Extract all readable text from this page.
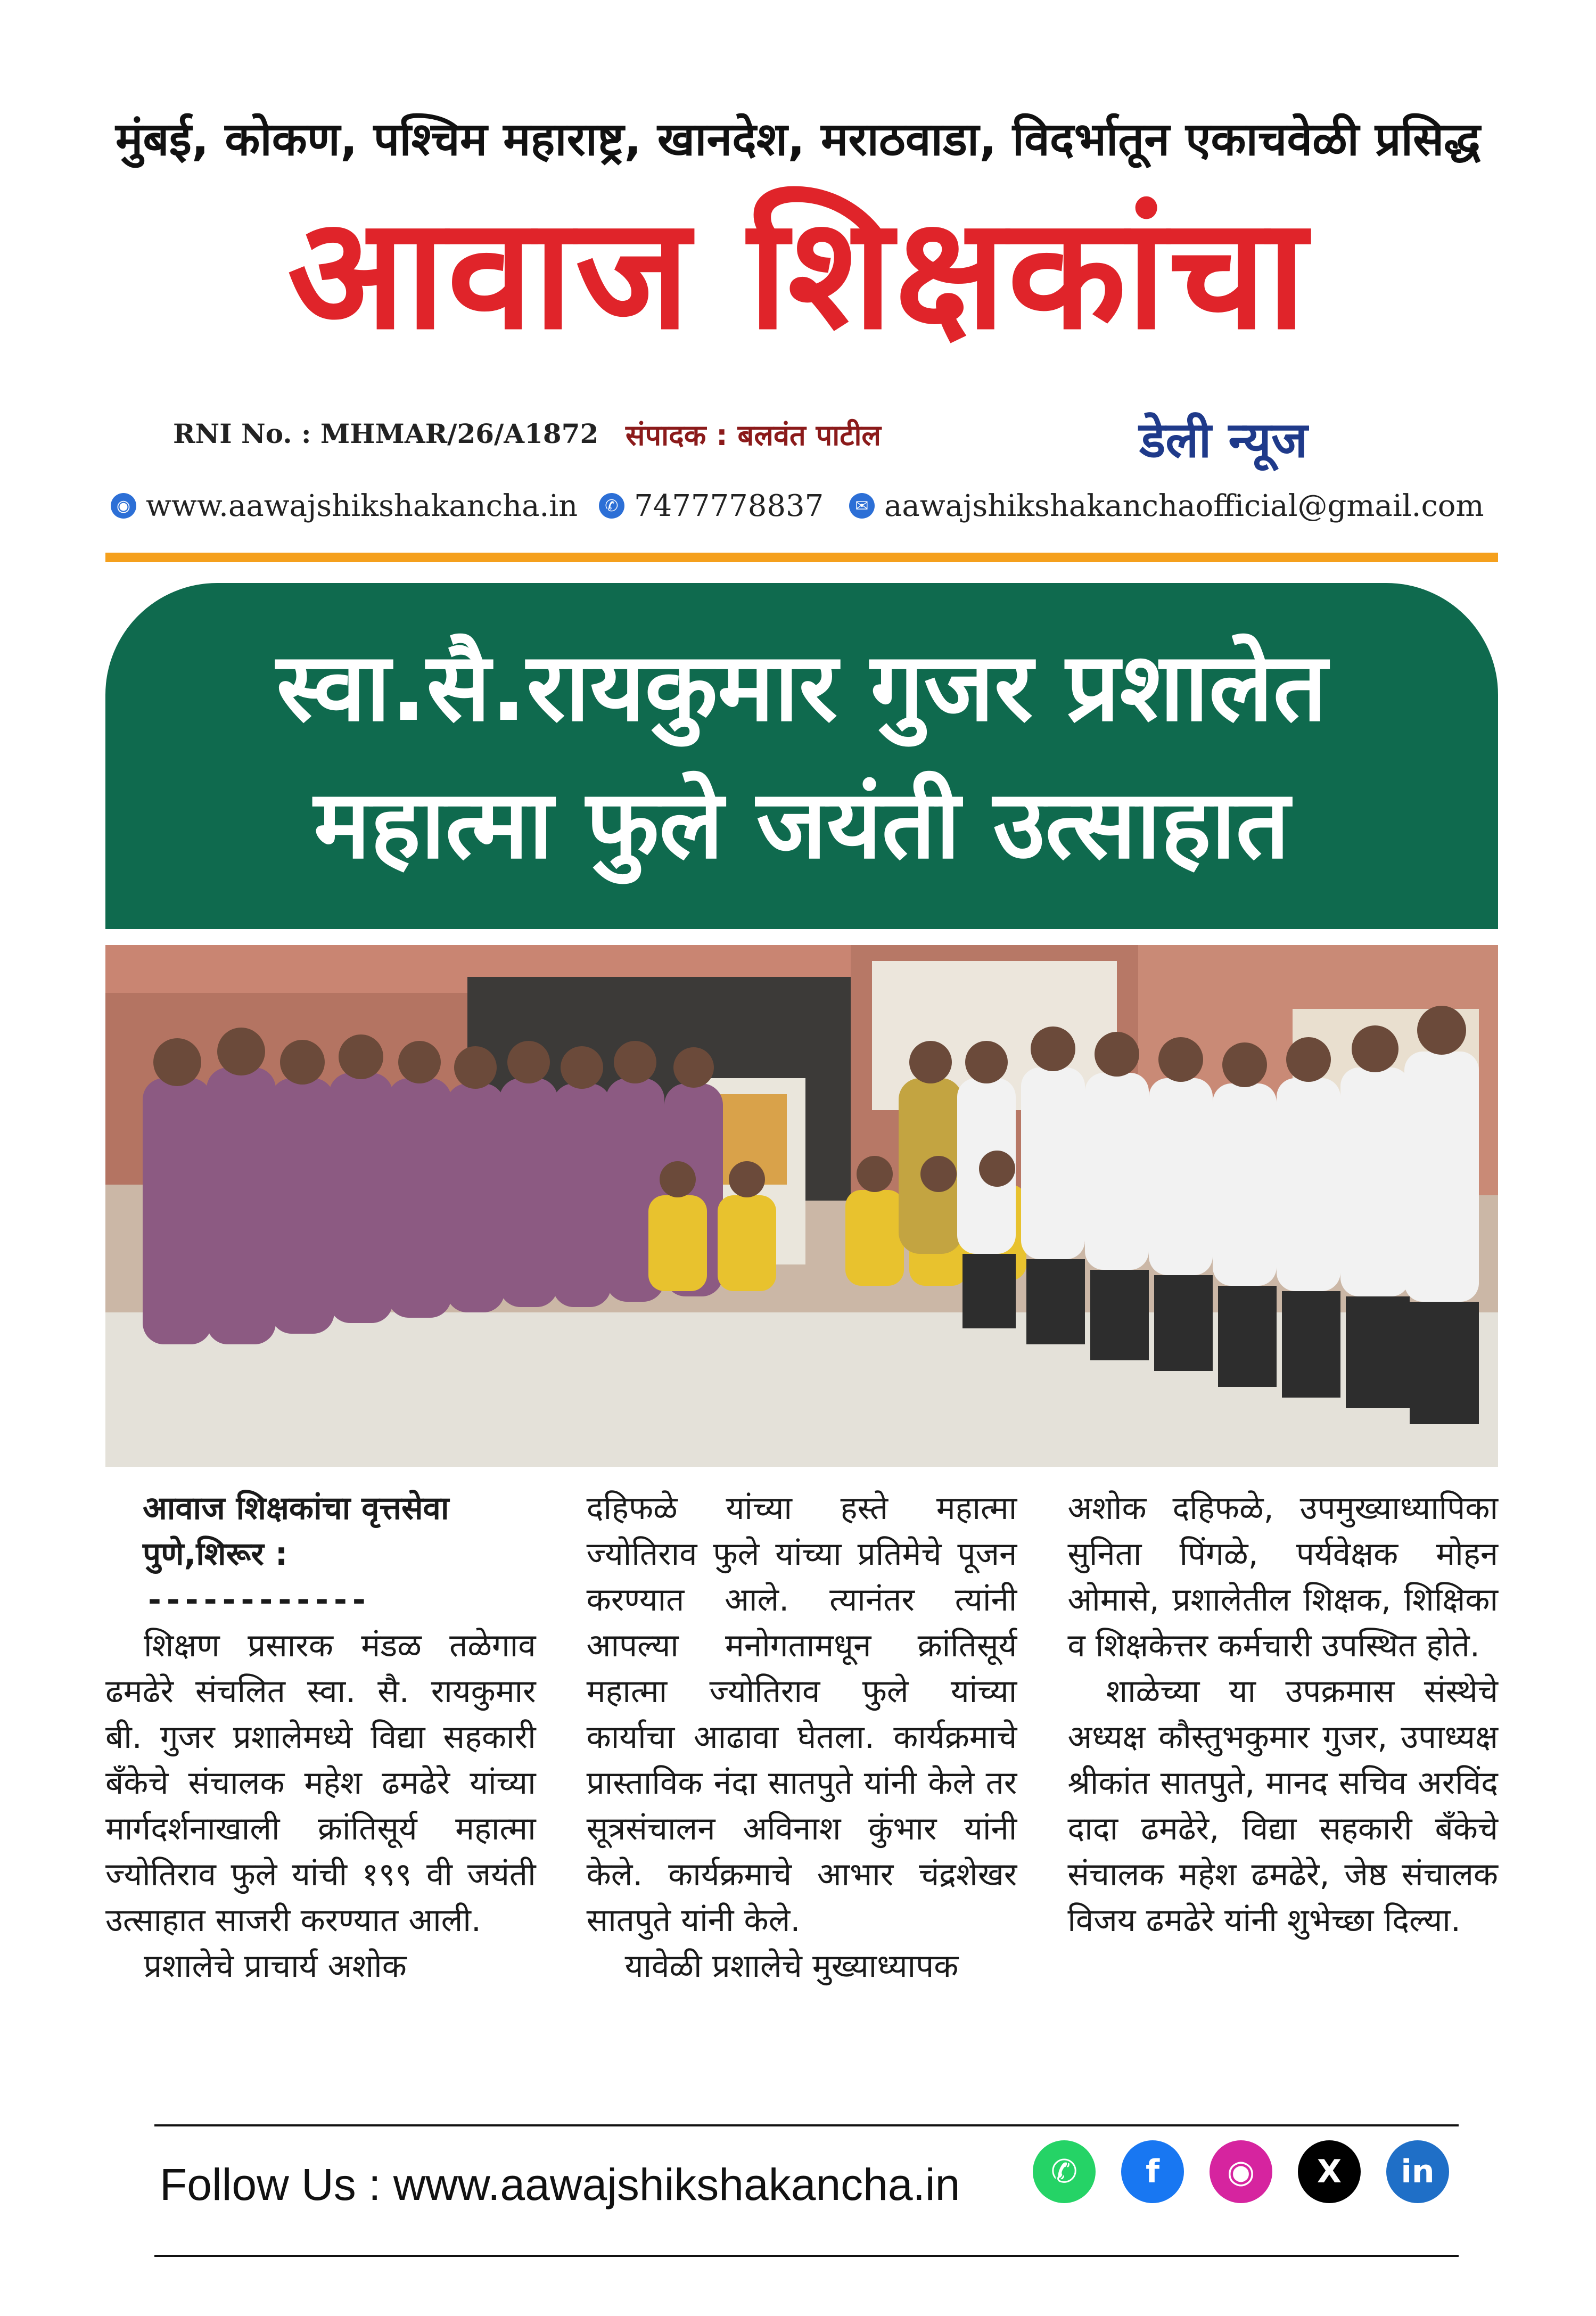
मुंबई, कोकण, पश्चिम महाराष्ट्र, खानदेश, मराठवाडा, विदर्भातून एकाचवेळी प्रसिद्ध
आवाज शिक्षकांचा
RNI No. : MHMAR/26/A1872 संपादक : बलवंत पाटील	डेली न्यूज
◉ www.aawajshikshakancha.in	✆ 7477778837	✉ aawajshikshakanchaofficial@gmail.com
स्वा.सै.रायकुमार गुजर प्रशालेत
महात्मा फुले जयंती उत्साहात

आवाज शिक्षकांचा वृत्तसेवा

पुणे,शिरूर :

------------

शिक्षण प्रसारक मंडळ तळेगाव ढमढेरे संचलित स्वा. सै. रायकुमार बी. गुजर प्रशालेमध्ये विद्या सहकारी बँकेचे संचालक महेश ढमढेरे यांच्या मार्गदर्शनाखाली क्रांतिसूर्य महात्मा ज्योतिराव फुले यांची १९९ वी जयंती उत्साहात साजरी करण्यात आली.

प्रशालेचे प्राचार्य अशोक

दहिफळे यांच्या हस्ते महात्मा ज्योतिराव फुले यांच्या प्रतिमेचे पूजन करण्यात आले. त्यानंतर त्यांनी आपल्या मनोगतामधून क्रांतिसूर्य महात्मा ज्योतिराव फुले यांच्या कार्याचा आढावा घेतला. कार्यक्रमाचे प्रास्ताविक नंदा सातपुते यांनी केले तर सूत्रसंचालन अविनाश कुंभार यांनी केले. कार्यक्रमाचे आभार चंद्रशेखर सातपुते यांनी केले.

यावेळी प्रशालेचे मुख्याध्यापक

अशोक दहिफळे, उपमुख्याध्यापिका सुनिता पिंगळे, पर्यवेक्षक मोहन ओमासे, प्रशालेतील शिक्षक, शिक्षिका व शिक्षकेत्तर कर्मचारी उपस्थित होते.

शाळेच्या या उपक्रमास संस्थेचे अध्यक्ष कौस्तुभकुमार गुजर, उपाध्यक्ष श्रीकांत सातपुते, मानद सचिव अरविंद दादा ढमढेरे, विद्या सहकारी बँकेचे संचालक महेश ढमढेरे, जेष्ठ संचालक विजय ढमढेरे यांनी शुभेच्छा दिल्या.

Follow Us : www.aawajshikshakancha.in	✆	f	◉	X	in
